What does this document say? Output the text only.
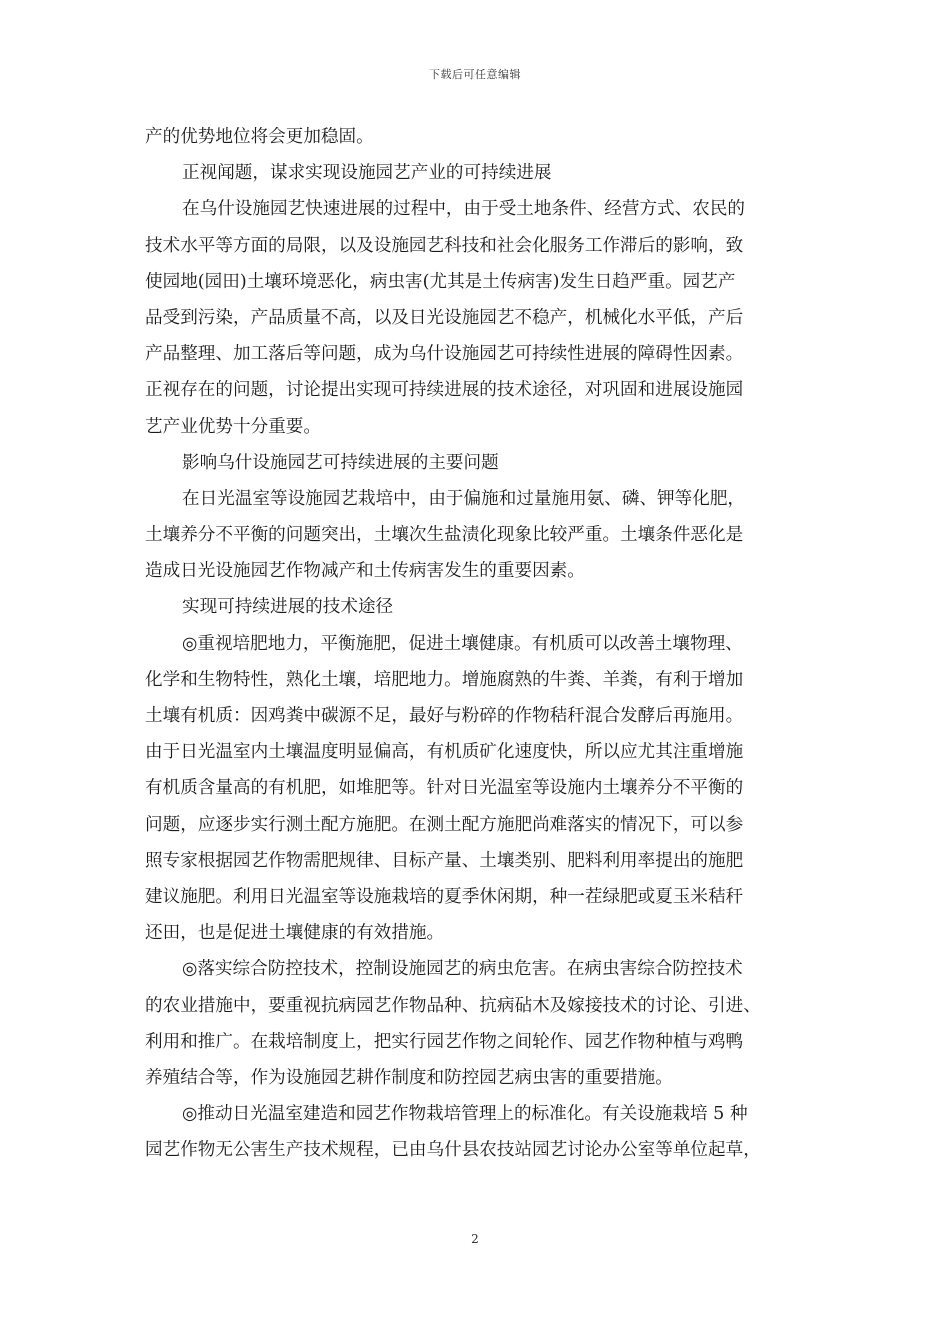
下载后可任意编辑
产的优势地位将会更加稳固。
正视闻题，谋求实现设施园艺产业的可持续进展
在乌什设施园艺快速进展的过程中，由于受土地条件、经营方式、农民的
技术水平等方面的局限，以及设施园艺科技和社会化服务工作滞后的影响，致
使园地(园田)土壤环境恶化，病虫害(尤其是土传病害)发生日趋严重。园艺产
品受到污染，产品质量不高，以及日光设施园艺不稳产，机械化水平低，产后
产品整理、加工落后等问题，成为乌什设施园艺可持续性进展的障碍性因素。
正视存在的问题，讨论提出实现可持续进展的技术途径，对巩固和进展设施园
艺产业优势十分重要。
影响乌什设施园艺可持续进展的主要问题
在日光温室等设施园艺栽培中，由于偏施和过量施用氨、磷、钾等化肥，
土壤养分不平衡的问题突出，土壤次生盐渍化现象比较严重。土壤条件恶化是
造成日光设施园艺作物减产和土传病害发生的重要因素。
实现可持续进展的技术途径
◎重视培肥地力，平衡施肥，促进土壤健康。有机质可以改善土壤物理、
化学和生物特性，熟化土壤，培肥地力。增施腐熟的牛粪、羊粪，有利于增加
土壤有机质：因鸡粪中碳源不足，最好与粉碎的作物秸秆混合发酵后再施用。
由于日光温室内土壤温度明显偏高，有机质矿化速度快，所以应尤其注重增施
有机质含量高的有机肥，如堆肥等。针对日光温室等设施内土壤养分不平衡的
问题，应逐步实行测土配方施肥。在测土配方施肥尚难落实的情况下，可以参
照专家根据园艺作物需肥规律、目标产量、土壤类别、肥料利用率提出的施肥
建议施肥。利用日光温室等设施栽培的夏季休闲期，种一茬绿肥或夏玉米秸秆
还田，也是促进土壤健康的有效措施。
◎落实综合防控技术，控制设施园艺的病虫危害。在病虫害综合防控技术
的农业措施中，要重视抗病园艺作物品种、抗病砧木及嫁接技术的讨论、引进、
利用和推广。在栽培制度上，把实行园艺作物之间轮作、园艺作物种植与鸡鸭
养殖结合等，作为设施园艺耕作制度和防控园艺病虫害的重要措施。
◎推动日光温室建造和园艺作物栽培管理上的标准化。有关设施栽培 5 种
园艺作物无公害生产技术规程，已由乌什县农技站园艺讨论办公室等单位起草，
2
